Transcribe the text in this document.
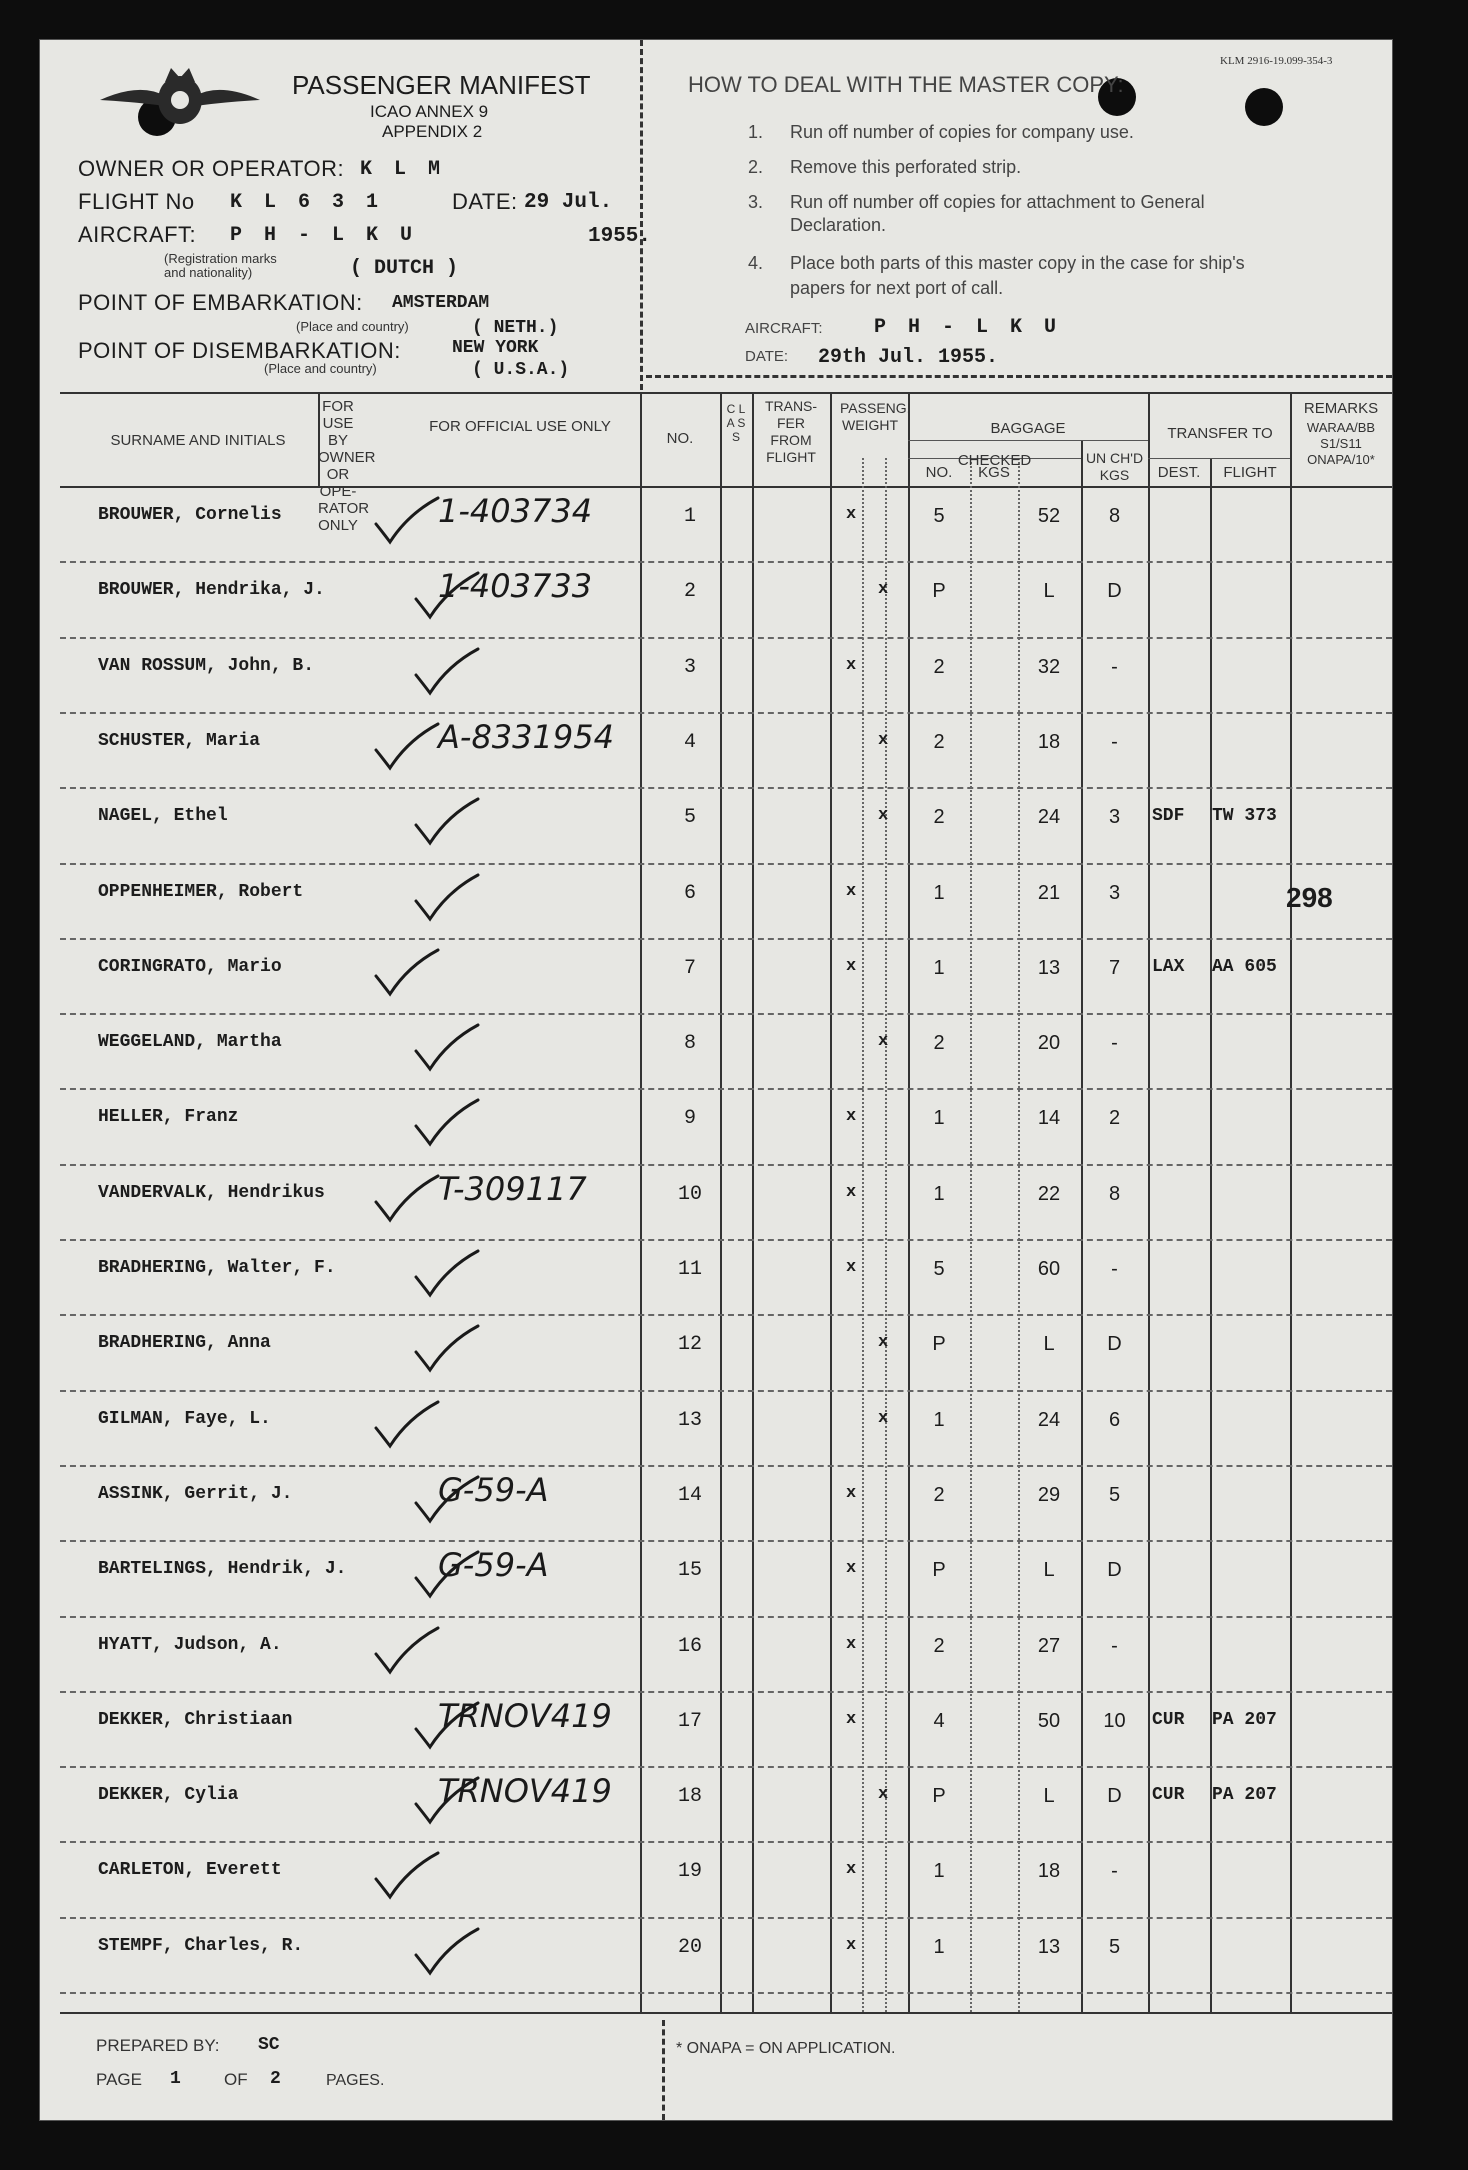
KLM 2916-19.099-354-3
PASSENGER MANIFEST
ICAO ANNEX 9
APPENDIX 2
OWNER OR OPERATOR: K L M
FLIGHT No K L 6 3 1	DATE: 29 Jul.
AIRCRAFT: P H - L K U	1955.
(Registration marks
and nationality)	( DUTCH )
POINT OF EMBARKATION: AMSTERDAM
(Place and country)	( NETH.)
POINT OF DISEMBARKATION:	NEW YORK
(Place and country)	( U.S.A.)
HOW TO DEAL WITH THE MASTER COPY:
1. Run off number of copies for company use.
2. Remove this perforated strip.
3. Run off number off copies for attachment to General
Declaration.
4. Place both parts of this master copy in the case for ship's
papers for next port of call.
AIRCRAFT:	P H - L K U
DATE: 29th Jul. 1955.
SURNAME AND INITIALS
FOR USE BY OWNER OR OPE- RATOR ONLY
FOR OFFICIAL USE ONLY
NO.
C L A S S
TRANS- FER FROM FLIGHT
PASSENG. WEIGHT	BAGGAGE
CHECKED
NO.	KGS
UN CH'D KGS
TRANSFER TO
DEST.	FLIGHT
REMARKS
WARAA/BB S1/S11 ONAPA/10*
BROUWER, Cornelis	1-403734	1	x	5	52	8
BROUWER, Hendrika, J.	1-403733	2	x	P	L	D
VAN ROSSUM, John, B.	3	x	2	32	-
SCHUSTER, Maria	A-8331954	4	x	2	18	-
NAGEL, Ethel	5	x	2	24	3	SDF TW 373
OPPENHEIMER, Robert	6	x	1	21	3
CORINGRATO, Mario	7	x	1	13	7	LAX AA 605
WEGGELAND, Martha	8	x	2	20	-
HELLER, Franz	9	x	1	14	2
VANDERVALK, Hendrikus	T-309117	10	x	1	22	8
BRADHERING, Walter, F.	11	x	5	60	-
BRADHERING, Anna	12	x	P	L	D
GILMAN, Faye, L.	13	x	1	24	6
ASSINK, Gerrit, J.	G-59-A	14	x	2	29	5
BARTELINGS, Hendrik, J.	G-59-A	15	x	P	L	D
HYATT, Judson, A.	16	x	2	27	-
DEKKER, Christiaan	TRNOV419	17	x	4	50	10	CUR PA 207
DEKKER, Cylia	TRNOV419	18	x	P	L	D	CUR PA 207
CARLETON, Everett	19	x	1	18	-
STEMPF, Charles, R.	20	x	1	13	5
298
PREPARED BY: SC
PAGE 1	OF 2	PAGES.
* ONAPA = ON APPLICATION.
